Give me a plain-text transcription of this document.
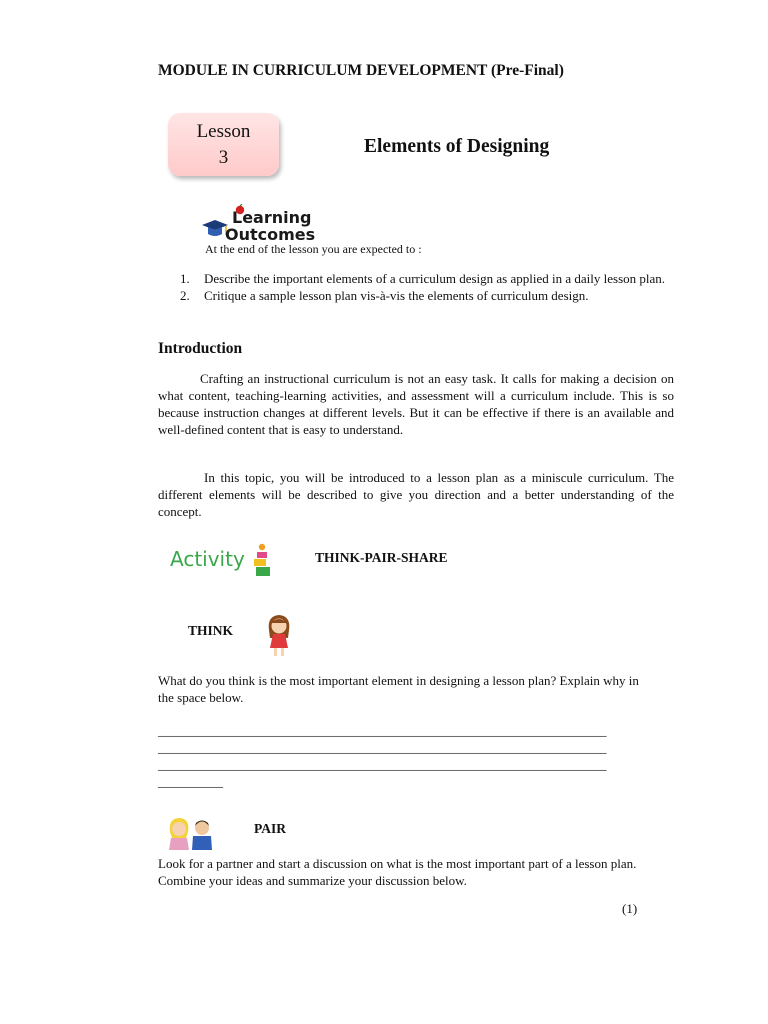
MODULE IN CURRICULUM DEVELOPMENT (Pre-Final)
Lesson
3
Elements of Designing
Learning
Outcomes
At the end of the lesson you are expected to :
1. Describe the important elements of a curriculum design as applied in a daily lesson plan.
2. Critique a sample lesson plan vis-à-vis the elements of curriculum design.
Introduction

Crafting an instructional curriculum is not an easy task. It calls for making a decision on what content, teaching-learning activities, and assessment will a curriculum include. This is so because instruction changes at different levels. But it can be effective if there is an available and well-defined content that is easy to understand.

In this topic, you will be introduced to a lesson plan as a miniscule curriculum. The different elements will be described to give you direction and a better understanding of the concept.

Activity	THINK-PAIR-SHARE
THINK
What do you think is the most important element in designing a lesson plan? Explain why in the space below.
_____________________________________________________________________
_____________________________________________________________________
_____________________________________________________________________
__________
PAIR
Look for a partner and start a discussion on what is the most important part of a lesson plan. Combine your ideas and summarize your discussion below.
(1)
